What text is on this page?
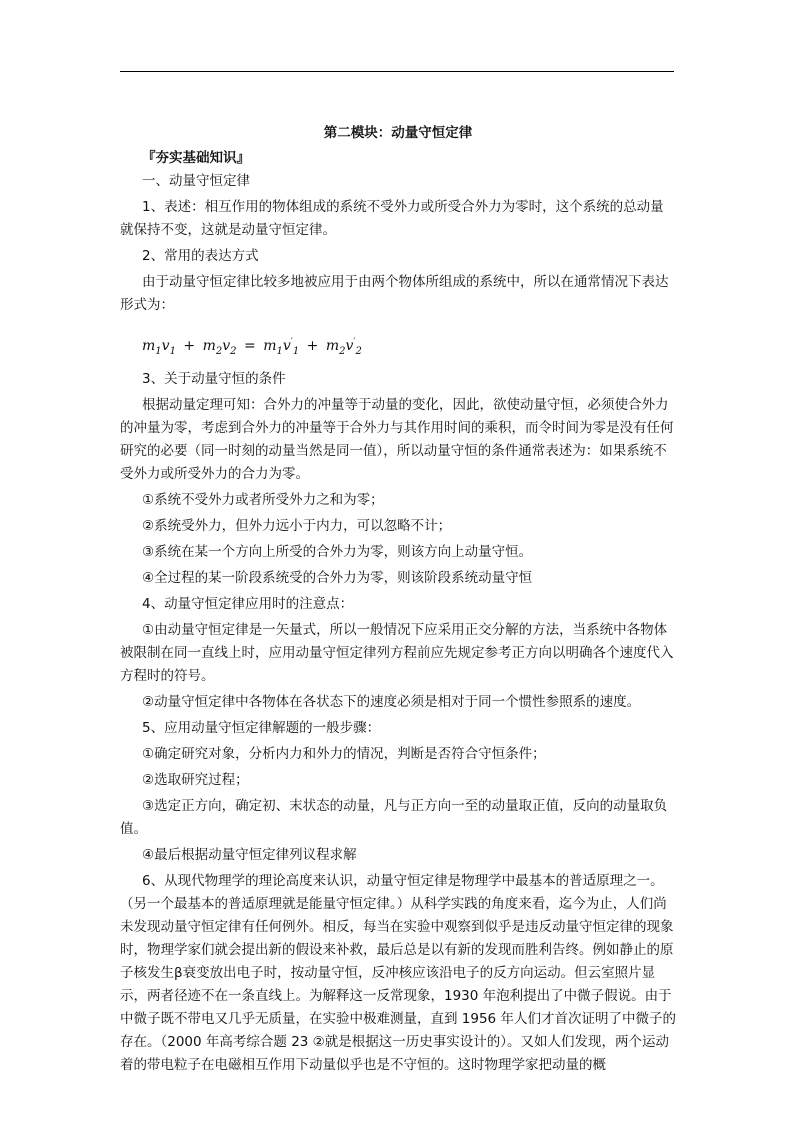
第二模块：动量守恒定律
『夯实基础知识』

一、动量守恒定律

1、表述：相互作用的物体组成的系统不受外力或所受合外力为零时，这个系统的总动量就保持不变，这就是动量守恒定律。

2、常用的表达方式

由于动量守恒定律比较多地被应用于由两个物体所组成的系统中，所以在通常情况下表达形式为：

$m_1v_1 + m_2v_2 = m_1v'_1 + m_2v'_2$

3、关于动量守恒的条件

根据动量定理可知：合外力的冲量等于动量的变化，因此，欲使动量守恒，必须使合外力的冲量为零，考虑到合外力的冲量等于合外力与其作用时间的乘积，而令时间为零是没有任何研究的必要（同一时刻的动量当然是同一值），所以动量守恒的条件通常表述为：如果系统不受外力或所受外力的合力为零。

①系统不受外力或者所受外力之和为零；

②系统受外力，但外力远小于内力，可以忽略不计；

③系统在某一个方向上所受的合外力为零，则该方向上动量守恒。

④全过程的某一阶段系统受的合外力为零，则该阶段系统动量守恒

4、动量守恒定律应用时的注意点：

①由动量守恒定律是一矢量式，所以一般情况下应采用正交分解的方法，当系统中各物体被限制在同一直线上时，应用动量守恒定律列方程前应先规定参考正方向以明确各个速度代入方程时的符号。

②动量守恒定律中各物体在各状态下的速度必须是相对于同一个惯性参照系的速度。

5、应用动量守恒定律解题的一般步骤：

①确定研究对象，分析内力和外力的情况，判断是否符合守恒条件；

②选取研究过程；

③选定正方向，确定初、末状态的动量，凡与正方向一至的动量取正值，反向的动量取负值。

④最后根据动量守恒定律列议程求解

6、从现代物理学的理论高度来认识，动量守恒定律是物理学中最基本的普适原理之一。（另一个最基本的普适原理就是能量守恒定律。）从科学实践的角度来看，迄今为止，人们尚未发现动量守恒定律有任何例外。相反，每当在实验中观察到似乎是违反动量守恒定律的现象时，物理学家们就会提出新的假设来补救，最后总是以有新的发现而胜利告终。例如静止的原子核发生β衰变放出电子时，按动量守恒，反冲核应该沿电子的反方向运动。但云室照片显示，两者径迹不在一条直线上。为解释这一反常现象，1930 年泡利提出了中微子假说。由于中微子既不带电又几乎无质量，在实验中极难测量，直到 1956 年人们才首次证明了中微子的存在。（2000 年高考综合题 23 ②就是根据这一历史事实设计的）。又如人们发现，两个运动着的带电粒子在电磁相互作用下动量似乎也是不守恒的。这时物理学家把动量的概
